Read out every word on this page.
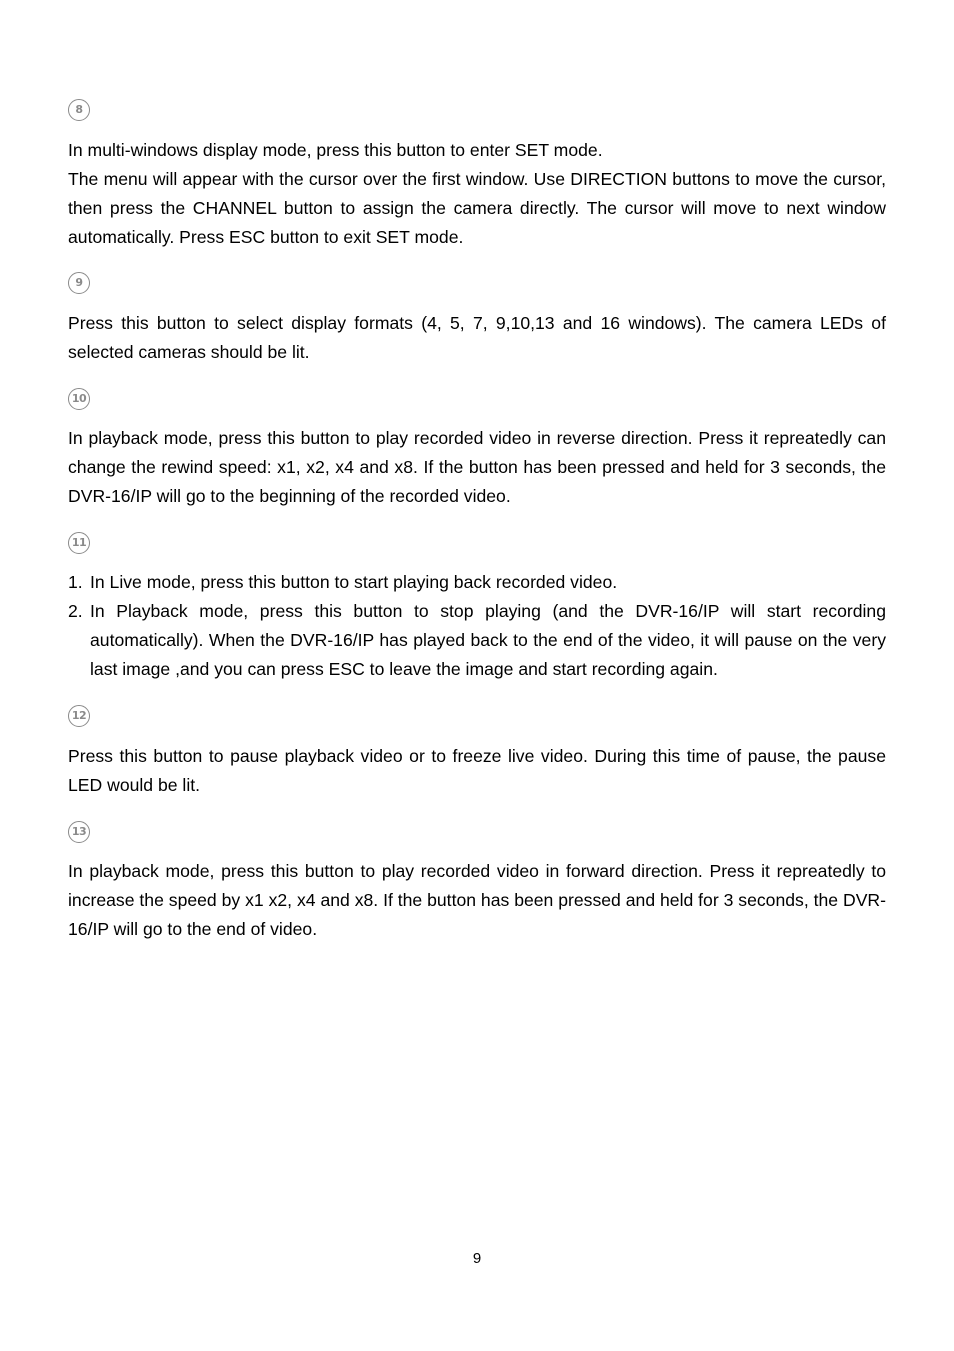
8

In multi-windows display mode, press this button to enter SET mode.

The menu will appear with the cursor over the first window. Use DIRECTION buttons to move the cursor, then press the CHANNEL button to assign the camera directly. The cursor will move to next window automatically. Press ESC button to exit SET mode.

9

Press this button to select display formats (4, 5, 7, 9,10,13 and 16 windows). The camera LEDs of selected cameras should be lit.

10

In playback mode, press this button to play recorded video in reverse direction. Press it repreatedly can change the rewind speed: x1, x2, x4 and x8. If the button has been pressed and held for 3 seconds, the DVR-16/IP will go to the beginning of the recorded video.

11
1. In Live mode, press this button to start playing back recorded video.
2. In Playback mode, press this button to stop playing (and the DVR-16/IP will start recording automatically). When the DVR-16/IP has played back to the end of the video, it will pause on the very last image ,and you can press ESC to leave the image and start recording again.
12

Press this button to pause playback video or to freeze live video. During this time of pause, the pause LED would be lit.

13

In playback mode, press this button to play recorded video in forward direction. Press it repreatedly to increase the speed by x1 x2, x4 and x8. If the button has been pressed and held for 3 seconds, the DVR-16/IP will go to the end of video.

9
